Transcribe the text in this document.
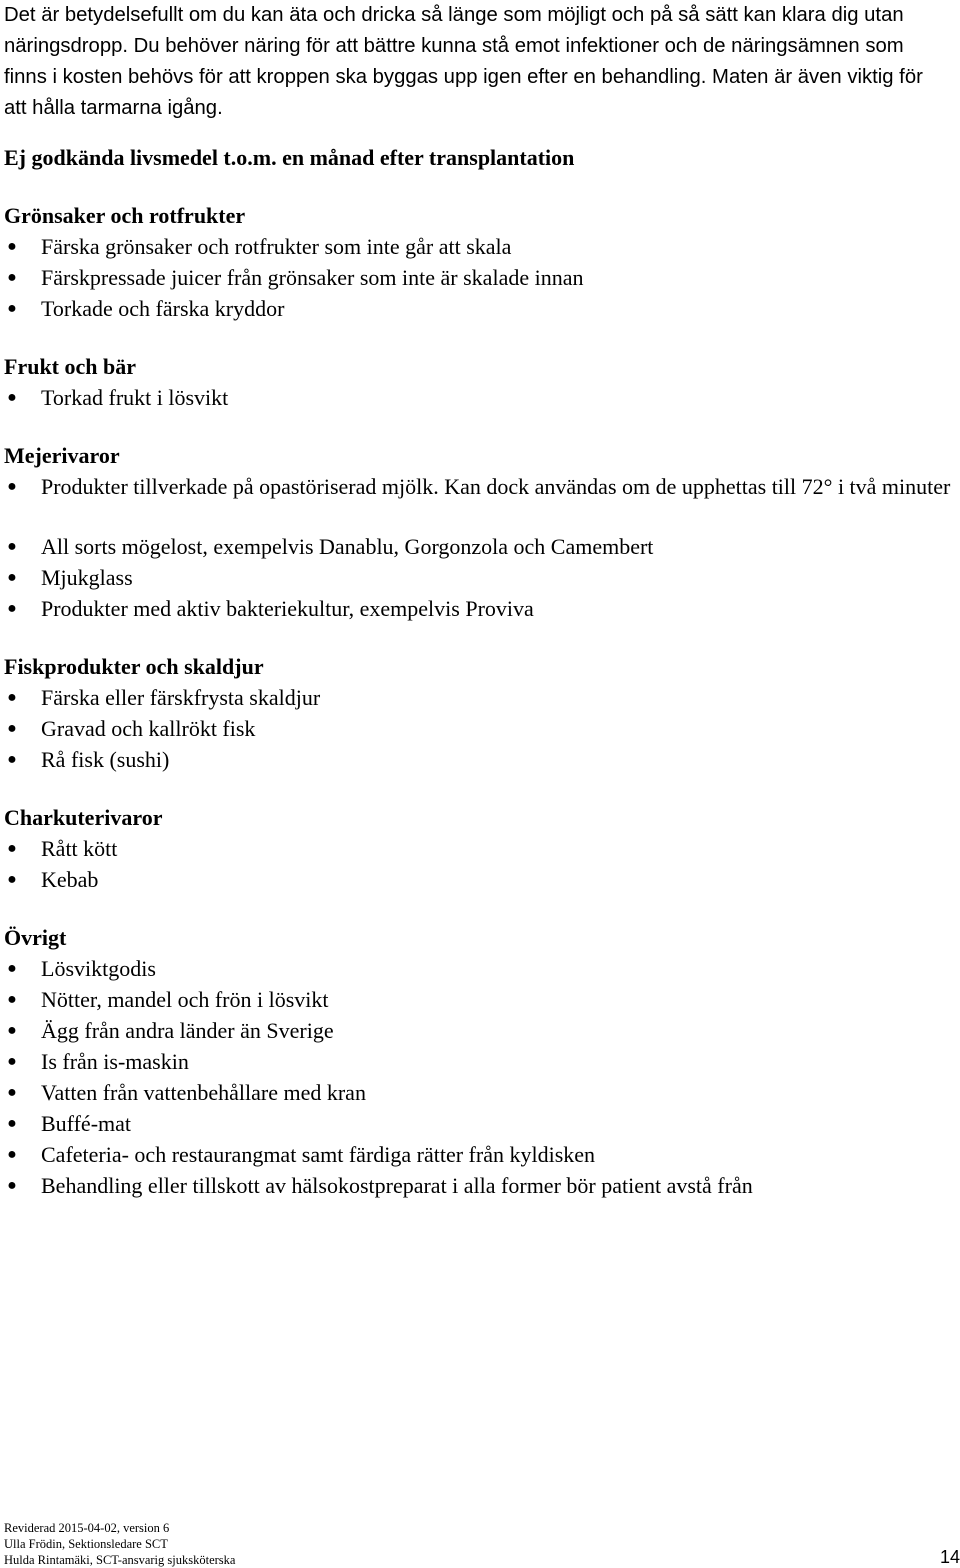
Det är betydelsefullt om du kan äta och dricka så länge som möjligt och på så sätt kan klara dig utan näringsdropp. Du behöver näring för att bättre kunna stå emot infektioner och de näringsämnen som finns i kosten behövs för att kroppen ska byggas upp igen efter en behandling. Maten är även viktig för att hålla tarmarna igång.

Ej godkända livsmedel t.o.m. en månad efter transplantation
Grönsaker och rotfrukter
● Färska grönsaker och rotfrukter som inte går att skala
● Färskpressade juicer från grönsaker som inte är skalade innan
● Torkade och färska kryddor
Frukt och bär
● Torkad frukt i lösvikt
Mejerivaror
● Produkter tillverkade på opastöriserad mjölk. Kan dock användas om de upphettas till 72° i två minuter
● All sorts mögelost, exempelvis Danablu, Gorgonzola och Camembert
● Mjukglass
● Produkter med aktiv bakteriekultur, exempelvis Proviva
Fiskprodukter och skaldjur
● Färska eller färskfrysta skaldjur
● Gravad och kallrökt fisk
● Rå fisk (sushi)
Charkuterivaror
● Rått kött
● Kebab
Övrigt
● Lösviktgodis
● Nötter, mandel och frön i lösvikt
● Ägg från andra länder än Sverige
● Is från is-maskin
● Vatten från vattenbehållare med kran
● Buffé-mat
● Cafeteria- och restaurangmat samt färdiga rätter från kyldisken
● Behandling eller tillskott av hälsokostpreparat i alla former bör patient avstå från
Reviderad 2015-04-02, version 6
Ulla Frödin, Sektionsledare SCT
Hulda Rintamäki, SCT-ansvarig sjuksköterska	14
